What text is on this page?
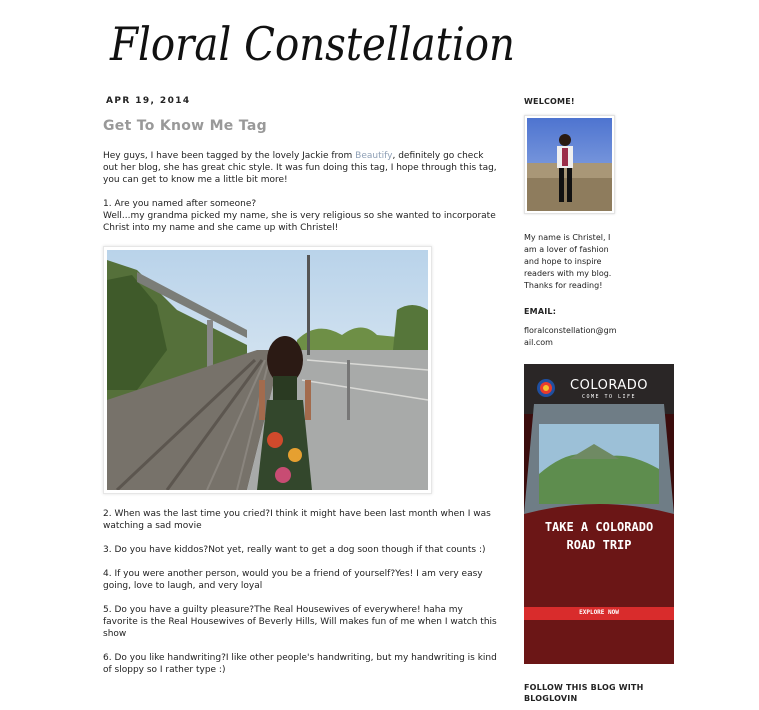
Floral Constellation
APR 19, 2014
Get To Know Me Tag

Hey guys, I have been tagged by the lovely Jackie from Beautify, definitely go check out her blog, she has great chic style. It was fun doing this tag, I hope through this tag, you can get to know me a little bit more!

1. Are you named after someone?
Well...my grandma picked my name, she is very religious so she wanted to incorporate Christ into my name and she came up with Christel!

2. When was the last time you cried?I think it might have been last month when I was watching a sad movie

3. Do you have kiddos?Not yet, really want to get a dog soon though if that counts :)

4. If you were another person, would you be a friend of yourself?Yes! I am very easy going, love to laugh, and very loyal

5. Do you have a guilty pleasure?The Real Housewives of everywhere! haha my favorite is the Real Housewives of Beverly Hills, Will makes fun of me when I watch this show

6. Do you like handwriting?I like other people's handwriting, but my handwriting is kind of sloppy so I rather type :)

WELCOME!
My name is Christel, I am a lover of fashion and hope to inspire readers with my blog. Thanks for reading!
EMAIL:
floralconstellation@gmail.com
COLORADO
COME TO LIFE
TAKE A COLORADO
ROAD TRIP
EXPLORE NOW
FOLLOW THIS BLOG WITH BLOGLOVIN
